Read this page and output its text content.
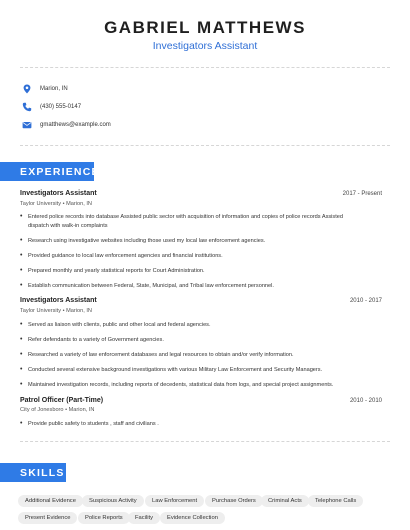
GABRIEL MATTHEWS
Investigators Assistant
Marion, IN
(430) 555-0147
gmatthews@example.com
EXPERIENCE
Investigators Assistant	2017 - Present
Taylor University • Marion, IN
• Entered police records into database Assisted public sector with acquisition of information and copies of police records Assisted dispatch with walk-in complaints
• Research using investigative websites including those used my local law enforcement agencies.
• Provided guidance to local law enforcement agencies and financial institutions.
• Prepared monthly and yearly statistical reports for Court Administration.
• Establish communication between Federal, State, Municipal, and Tribal law enforcement personnel.
Investigators Assistant	2010 - 2017
Taylor University • Marion, IN
• Served as liaison with clients, public and other local and federal agencies.
• Refer defendants to a variety of Government agencies.
• Researched a variety of law enforcement databases and legal resources to obtain and/or verify information.
• Conducted several extensive background investigations with various Military Law Enforcement and Security Managers.
• Maintained investigation records, including reports of decedents, statistical data from logs, and special project assignments.
Patrol Officer (Part-Time)	2010 - 2010
City of Jonesboro • Marion, IN
• Provide public safety to students , staff and civilians .
SKILLS
Additional Evidence	Suspicious Activity	Law Enforcement	Purchase Orders	Criminal Acts	Telephone Calls
Present Evidence	Police Reports	Facility	Evidence Collection
